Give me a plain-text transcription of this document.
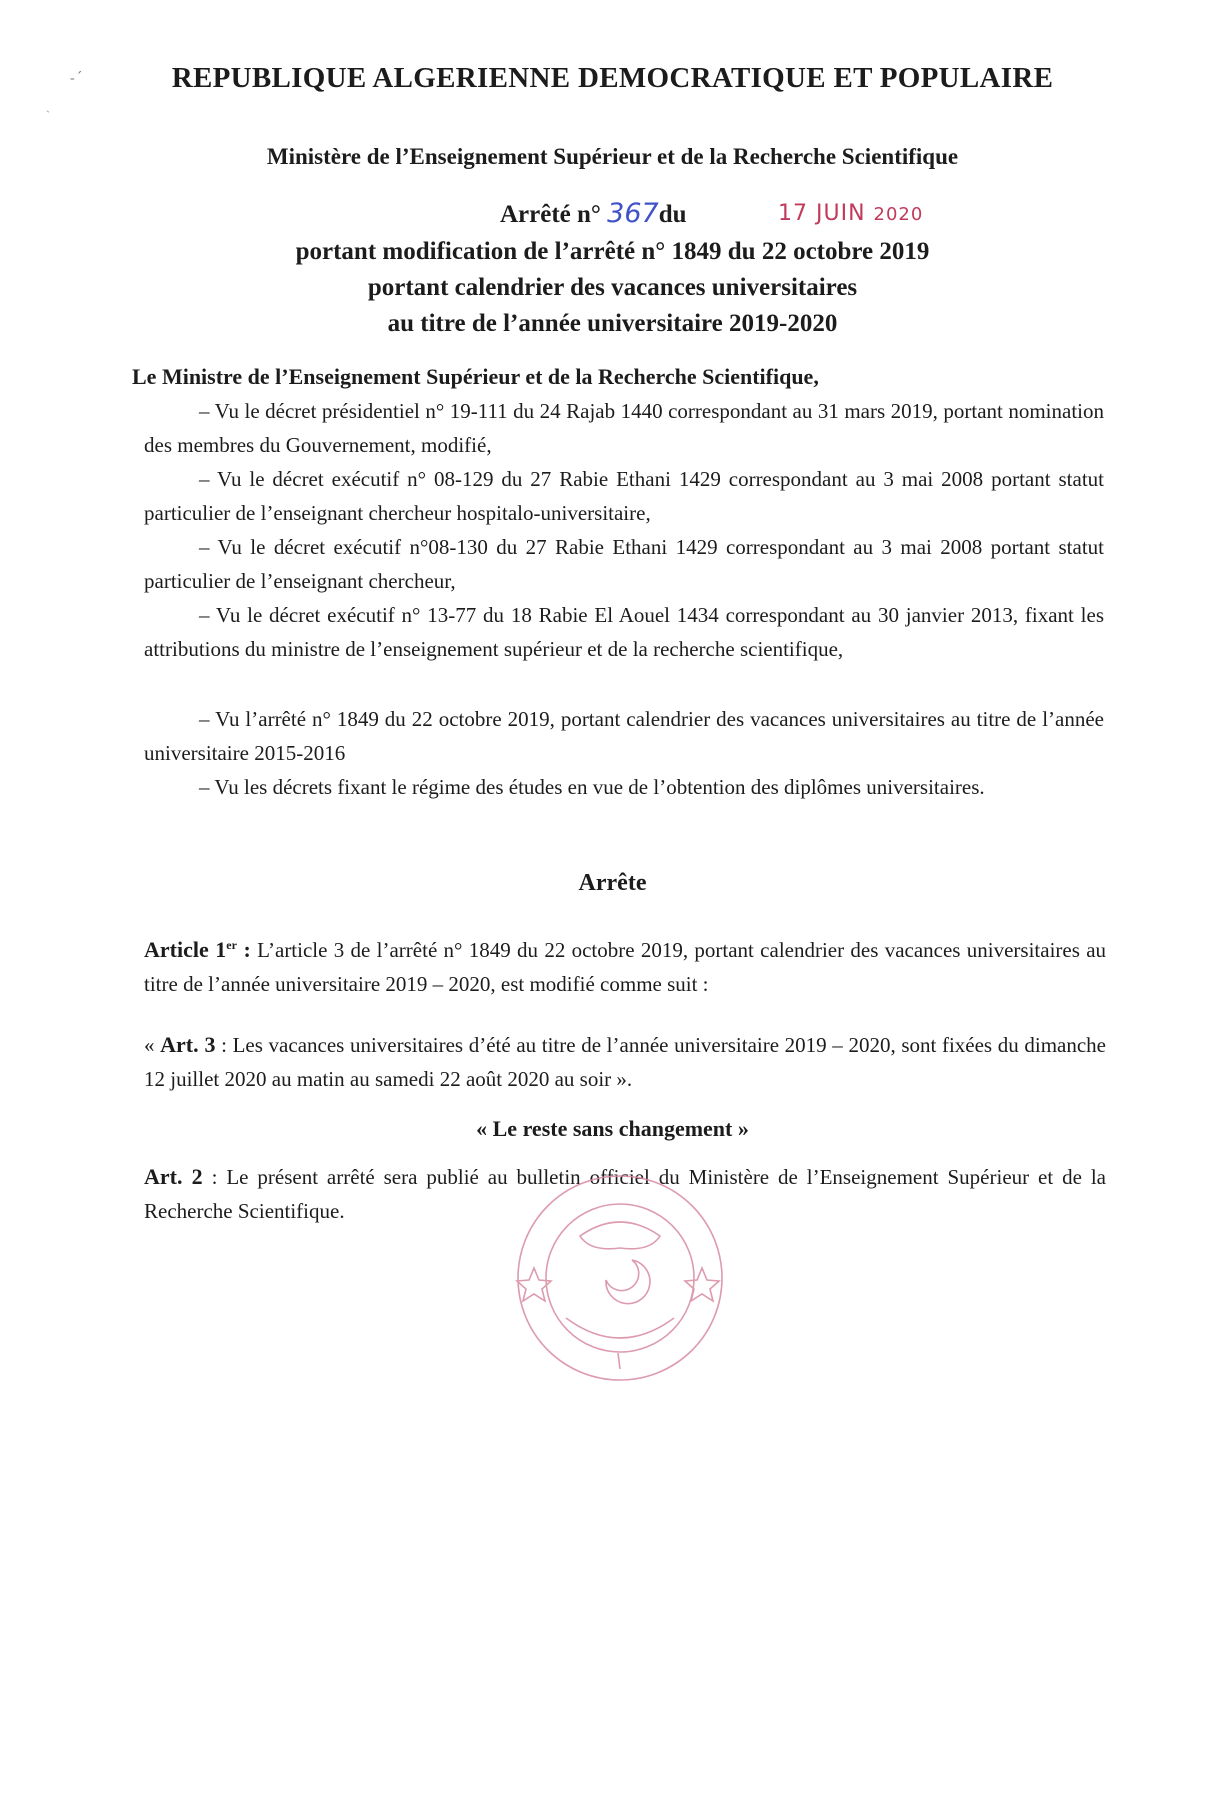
- ՛
ˋ
REPUBLIQUE ALGERIENNE DEMOCRATIQUE ET POPULAIRE
Ministère de l’Enseignement Supérieur et de la Recherche Scientifique
Arrêté n° 367du	17 JUIN 2020
portant modification de l’arrêté n° 1849 du 22 octobre 2019
portant calendrier des vacances universitaires
au titre de l’année universitaire 2019-2020
Le Ministre de l’Enseignement Supérieur et de la Recherche Scientifique,
– Vu le décret présidentiel n° 19-111 du 24 Rajab 1440 correspondant au 31 mars 2019, portant nomination des membres du Gouvernement, modifié,
– Vu le décret exécutif n° 08-129 du 27 Rabie Ethani 1429 correspondant au 3 mai 2008 portant statut particulier de l’enseignant chercheur hospitalo-universitaire,
– Vu le décret exécutif n°08-130 du 27 Rabie Ethani 1429 correspondant au 3 mai 2008 portant statut particulier de l’enseignant chercheur,
– Vu le décret exécutif n° 13-77 du 18 Rabie El Aouel 1434 correspondant au 30 janvier 2013, fixant les attributions du ministre de l’enseignement supérieur et de la recherche scientifique,
– Vu l’arrêté n° 1849 du 22 octobre 2019, portant calendrier des vacances universitaires au titre de l’année universitaire 2015-2016
– Vu les décrets fixant le régime des études en vue de l’obtention des diplômes universitaires.
Arrête
Article 1er : L’article 3 de l’arrêté n° 1849 du 22 octobre 2019, portant calendrier des vacances universitaires au titre de l’année universitaire 2019 – 2020, est modifié comme suit :
« Art. 3 : Les vacances universitaires d’été au titre de l’année universitaire 2019 – 2020, sont fixées du dimanche 12 juillet 2020 au matin au samedi 22 août 2020 au soir ».
« Le reste sans changement »
Art. 2 : Le présent arrêté sera publié au bulletin officiel du Ministère de l’Enseignement Supérieur et de la Recherche Scientifique.
